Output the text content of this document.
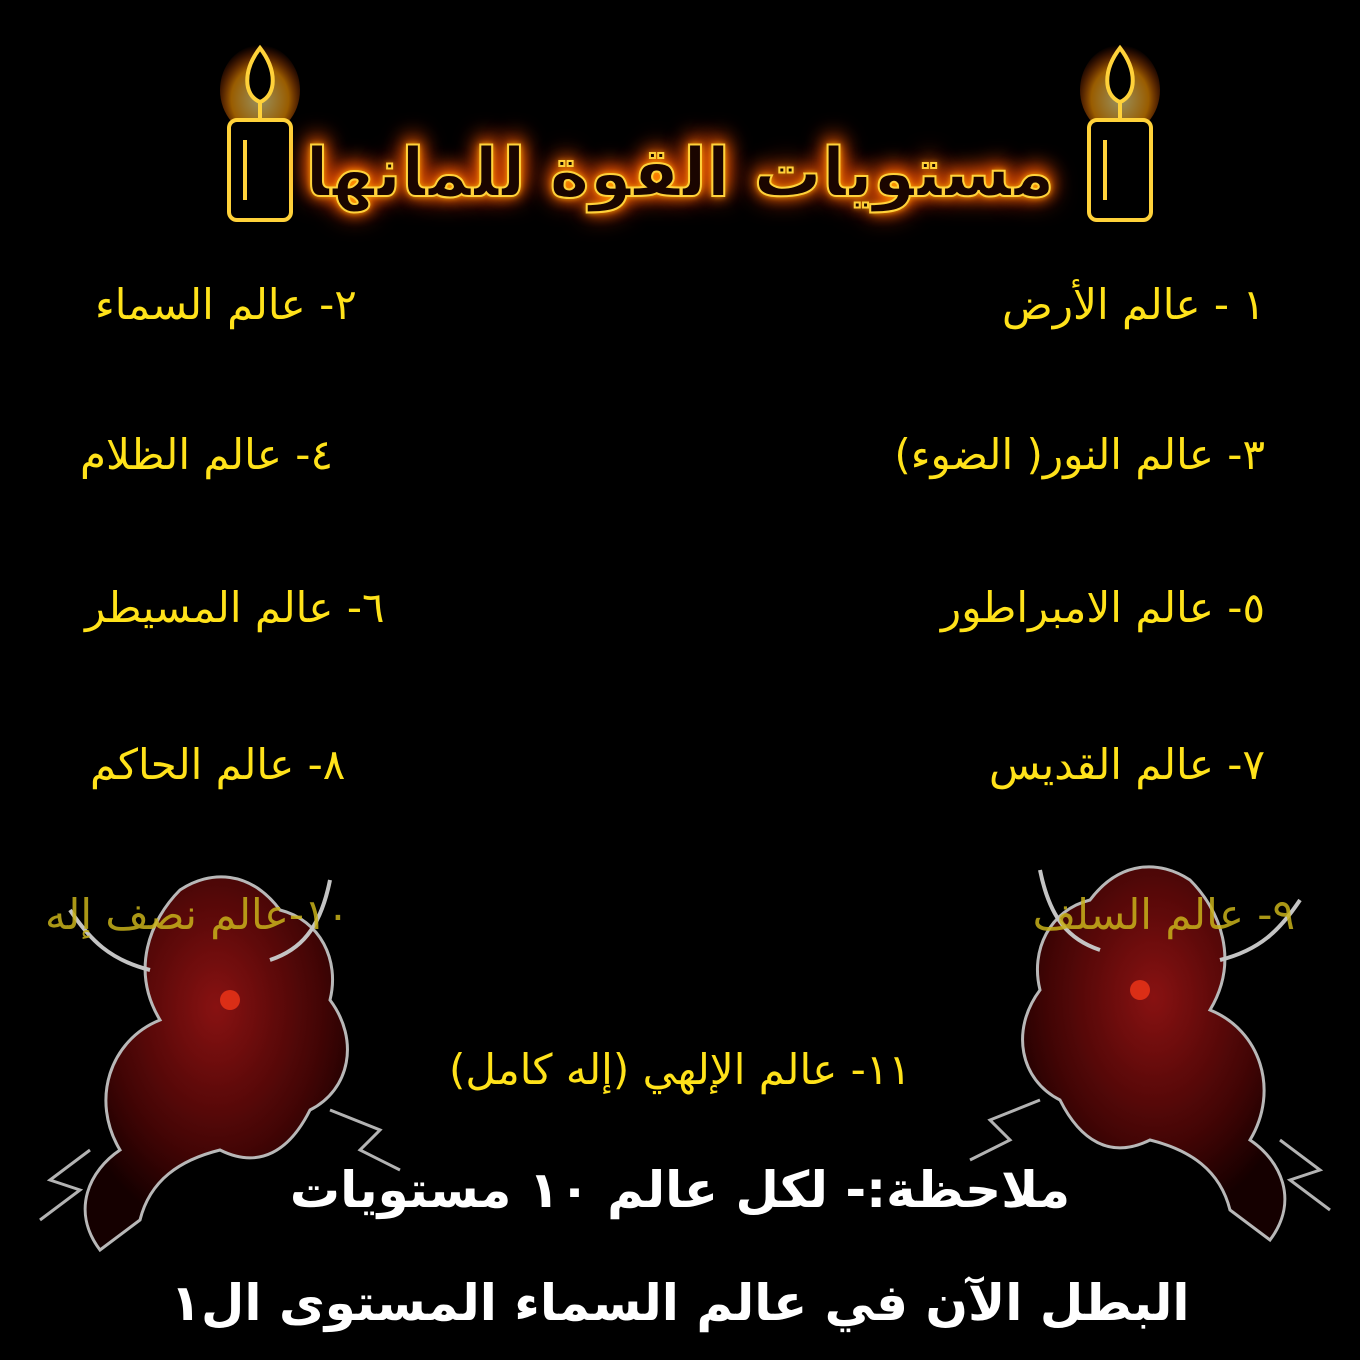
مستويات القوة للمانها
١ - عالم الأرض
٢- عالم السماء
٣- عالم النور( الضوء)
٤- عالم الظلام
٥- عالم الامبراطور
٦- عالم المسيطر
٧- عالم القديس
٨- عالم الحاكم
٩- عالم السلف
١٠-عالم نصف إله
١١- عالم الإلهي (إله كامل)
ملاحظة:- لكل عالم ١٠ مستويات
البطل الآن في عالم السماء المستوى ال١
